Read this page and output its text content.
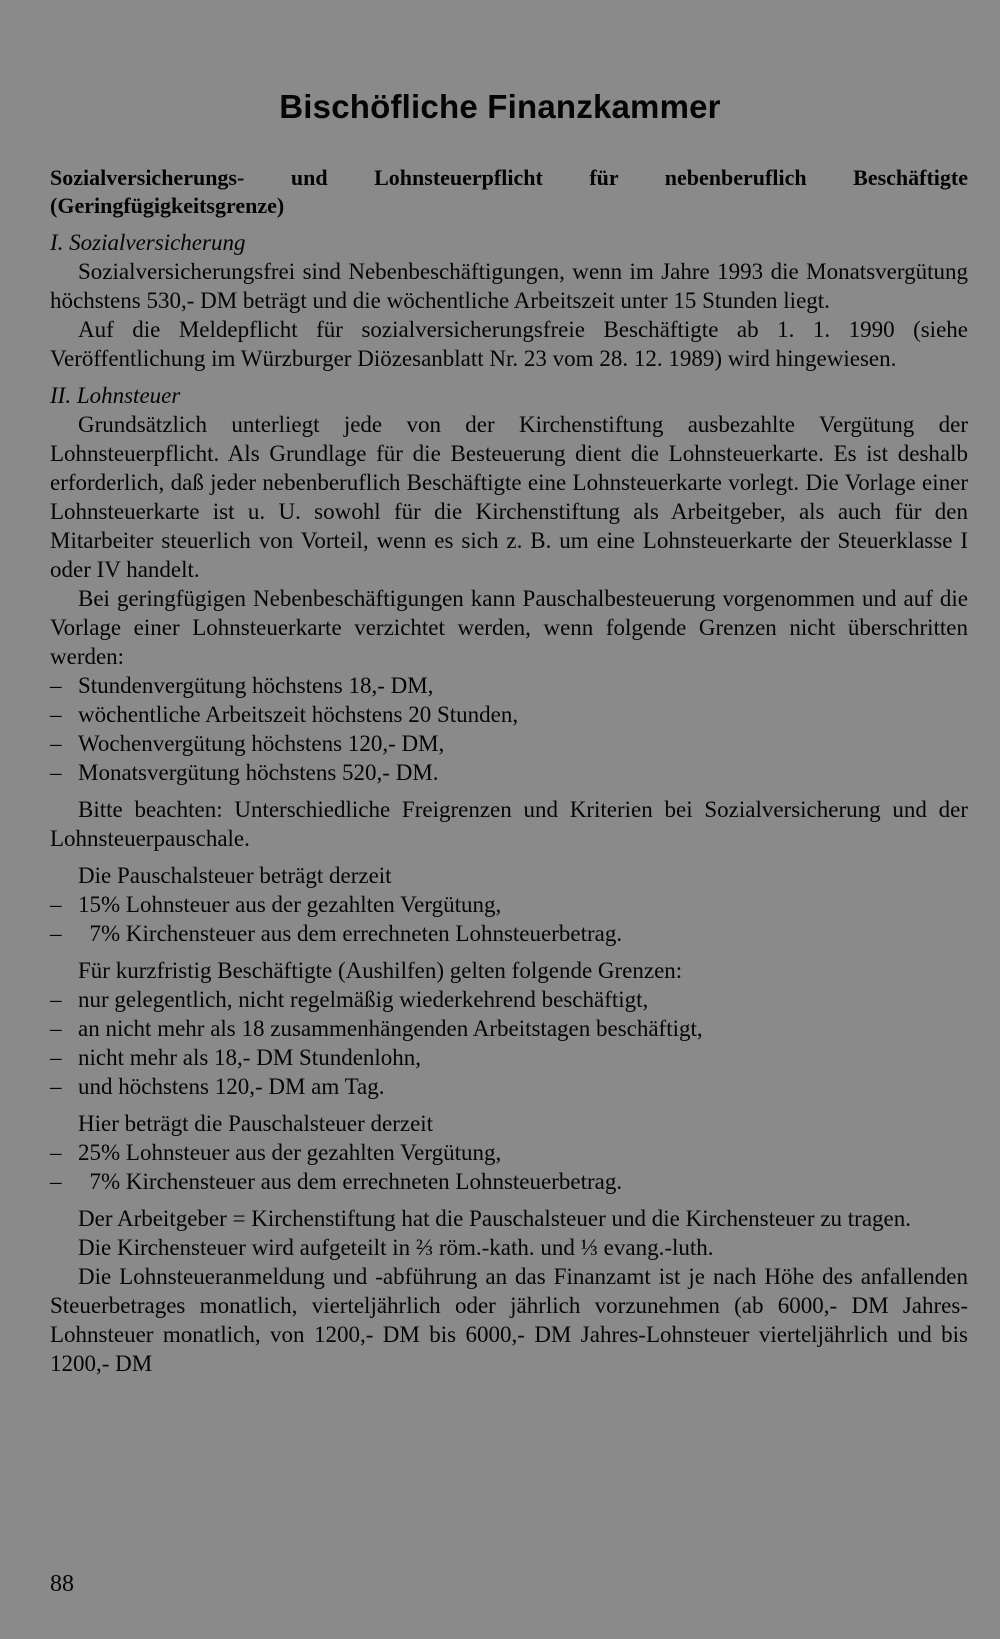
Bischöfliche Finanzkammer

Sozialversicherungs- und Lohnsteuerpflicht für nebenberuflich Beschäftigte (Geringfügigkeitsgrenze)

I. Sozialversicherung

Sozialversicherungsfrei sind Nebenbeschäftigungen, wenn im Jahre 1993 die Monatsvergütung höchstens 530,- DM beträgt und die wöchentliche Arbeitszeit unter 15 Stunden liegt.

Auf die Meldepflicht für sozialversicherungsfreie Beschäftigte ab 1. 1. 1990 (siehe Veröffentlichung im Würzburger Diözesanblatt Nr. 23 vom 28. 12. 1989) wird hingewiesen.

II. Lohnsteuer

Grundsätzlich unterliegt jede von der Kirchenstiftung ausbezahlte Vergütung der Lohnsteuerpflicht. Als Grundlage für die Besteuerung dient die Lohnsteuerkarte. Es ist deshalb erforderlich, daß jeder nebenberuflich Beschäftigte eine Lohnsteuerkarte vorlegt. Die Vorlage einer Lohnsteuerkarte ist u. U. sowohl für die Kirchenstiftung als Arbeitgeber, als auch für den Mitarbeiter steuerlich von Vorteil, wenn es sich z. B. um eine Lohnsteuerkarte der Steuerklasse I oder IV handelt.

Bei geringfügigen Nebenbeschäftigungen kann Pauschalbesteuerung vorgenommen und auf die Vorlage einer Lohnsteuerkarte verzichtet werden, wenn folgende Grenzen nicht überschritten werden:

– Stundenvergütung höchstens 18,- DM,
– wöchentliche Arbeitszeit höchstens 20 Stunden,
– Wochenvergütung höchstens 120,- DM,
– Monatsvergütung höchstens 520,- DM.

Bitte beachten: Unterschiedliche Freigrenzen und Kriterien bei Sozialversicherung und der Lohnsteuerpauschale.

Die Pauschalsteuer beträgt derzeit

– 15% Lohnsteuer aus der gezahlten Vergütung,
– 7% Kirchensteuer aus dem errechneten Lohnsteuerbetrag.

Für kurzfristig Beschäftigte (Aushilfen) gelten folgende Grenzen:

– nur gelegentlich, nicht regelmäßig wiederkehrend beschäftigt,
– an nicht mehr als 18 zusammenhängenden Arbeitstagen beschäftigt,
– nicht mehr als 18,- DM Stundenlohn,
– und höchstens 120,- DM am Tag.

Hier beträgt die Pauschalsteuer derzeit

– 25% Lohnsteuer aus der gezahlten Vergütung,
– 7% Kirchensteuer aus dem errechneten Lohnsteuerbetrag.

Der Arbeitgeber = Kirchenstiftung hat die Pauschalsteuer und die Kirchensteuer zu tragen.

Die Kirchensteuer wird aufgeteilt in ⅔ röm.-kath. und ⅓ evang.-luth.

Die Lohnsteueranmeldung und -abführung an das Finanzamt ist je nach Höhe des anfallenden Steuerbetrages monatlich, vierteljährlich oder jährlich vorzunehmen (ab 6000,- DM Jahres-Lohnsteuer monatlich, von 1200,- DM bis 6000,- DM Jahres-Lohnsteuer vierteljährlich und bis 1200,- DM

88
